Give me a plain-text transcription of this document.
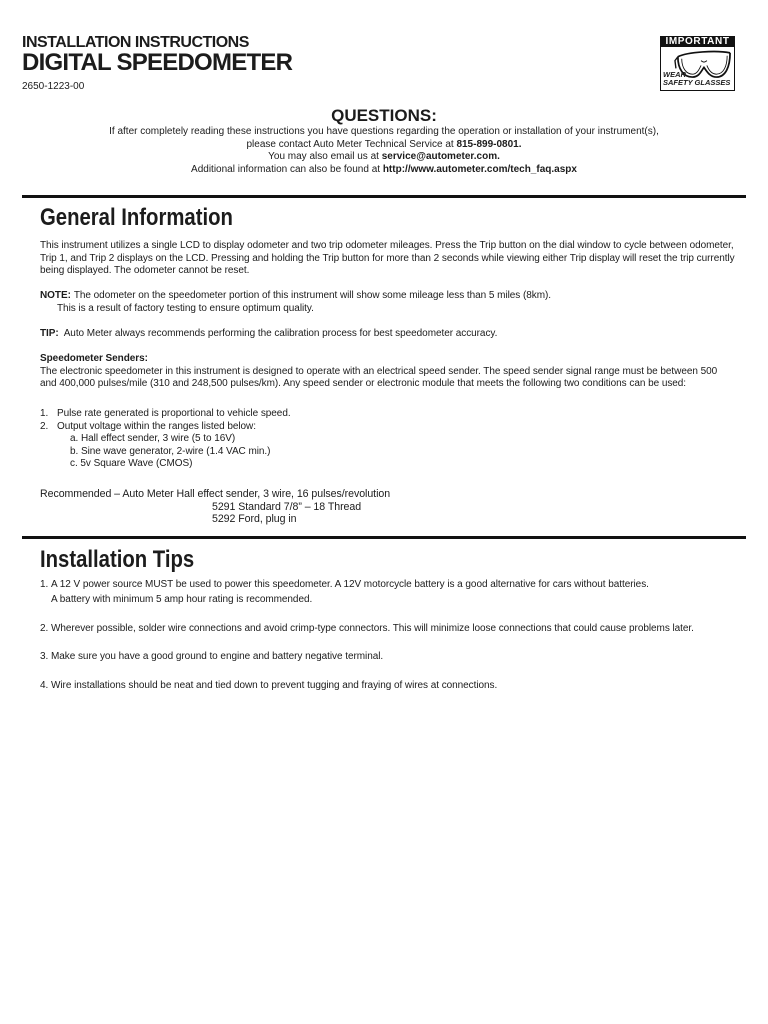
INSTALLATION INSTRUCTIONS
DIGITAL SPEEDOMETER
2650-1223-00
IMPORTANT
WEAR
SAFETY GLASSES
QUESTIONS:
If after completely reading these instructions you have questions regarding the operation or installation of your instrument(s),
please contact Auto Meter Technical Service at 815-899-0801.
You may also email us at service@autometer.com.
Additional information can also be found at http://www.autometer.com/tech_faq.aspx
General Information
This instrument utilizes a single LCD to display odometer and two trip odometer mileages. Press the Trip button on the dial window to cycle between odometer,
Trip 1, and Trip 2 displays on the LCD. Pressing and holding the Trip button for more than 2 seconds while viewing either Trip display will reset the trip currently
being displayed. The odometer cannot be reset.
NOTE: The odometer on the speedometer portion of this instrument will show some mileage less than 5 miles (8km).
This is a result of factory testing to ensure optimum quality.
TIP: Auto Meter always recommends performing the calibration process for best speedometer accuracy.
Speedometer Senders:
The electronic speedometer in this instrument is designed to operate with an electrical speed sender. The speed sender signal range must be between 500
and 400,000 pulses/mile (310 and 248,500 pulses/km). Any speed sender or electronic module that meets the following two conditions can be used:
1. Pulse rate generated is proportional to vehicle speed.
2. Output voltage within the ranges listed below:
a. Hall effect sender, 3 wire (5 to 16V)
b. Sine wave generator, 2-wire (1.4 VAC min.)
c. 5v Square Wave (CMOS)
Recommended – Auto Meter Hall effect sender, 3 wire, 16 pulses/revolution
5291 Standard 7/8” – 18 Thread
5292 Ford, plug in
Installation Tips
1. A 12 V power source MUST be used to power this speedometer. A 12V motorcycle battery is a good alternative for cars without batteries.
A battery with minimum 5 amp hour rating is recommended.
2. Wherever possible, solder wire connections and avoid crimp-type connectors. This will minimize loose connections that could cause problems later.
3. Make sure you have a good ground to engine and battery negative terminal.
4. Wire installations should be neat and tied down to prevent tugging and fraying of wires at connections.
